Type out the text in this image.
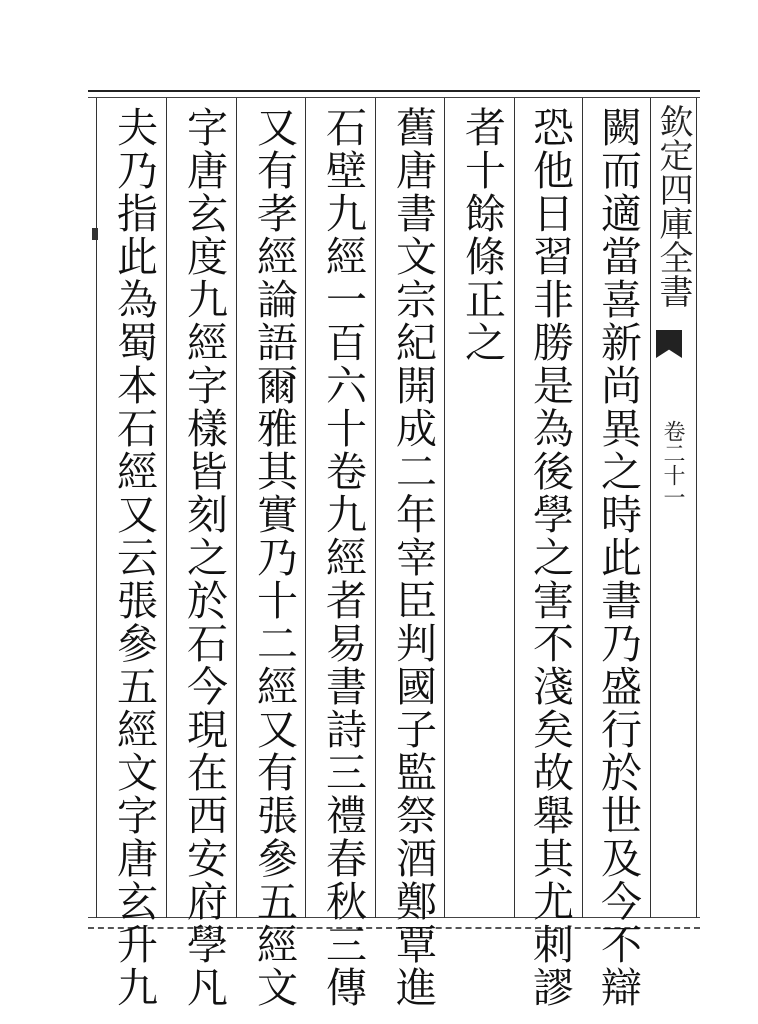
欽定四庫全書
卷二十一
闕而適當喜新尚異之時此書乃盛行於世及今不辯
恐他日習非勝是為後學之害不淺矣故舉其尤刺謬
者十餘條正之
舊唐書文宗紀開成二年宰臣判國子監祭酒鄭覃進
石壁九經一百六十卷九經者易書詩三禮春秋三傳
又有孝經論語爾雅其實乃十二經又有張參五經文
字唐玄度九經字樣皆刻之於石今現在西安府學凡
夫乃指此為蜀本石經又云張參五經文字唐玄升九
